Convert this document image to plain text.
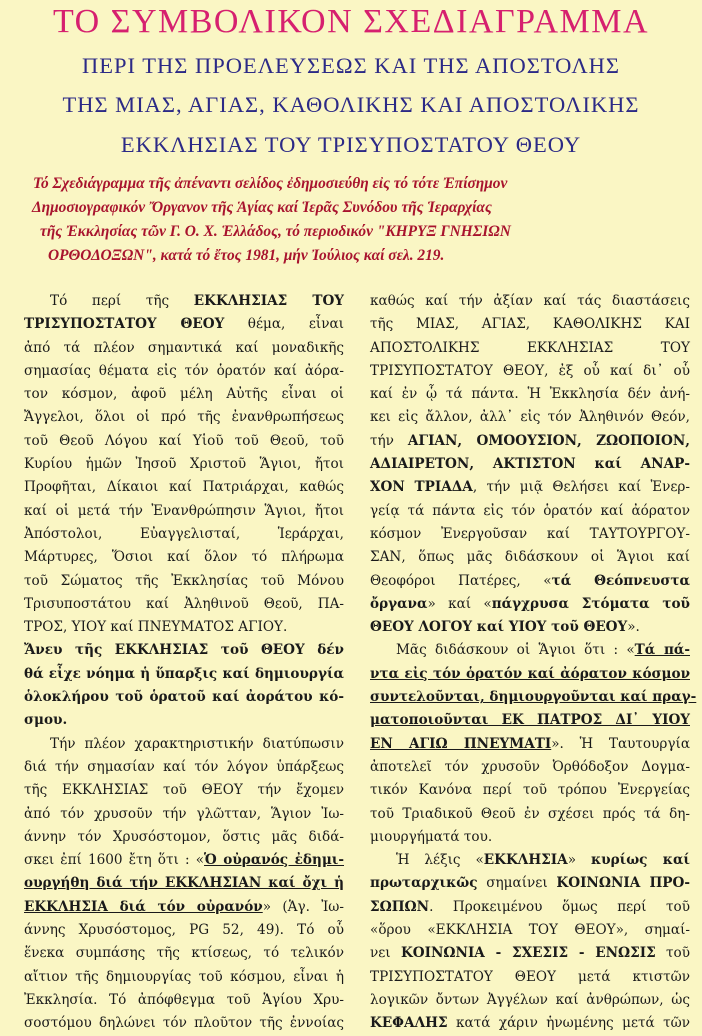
ΤΟ ΣΥΜΒΟΛΙΚΟΝ ΣΧΕΔΙΑΓΡΑΜΜΑ
ΠΕΡΙ ΤΗΣ ΠΡΟΕΛΕΥΣΕΩΣ ΚΑΙ ΤΗΣ ΑΠΟΣΤΟΛΗΣ
ΤΗΣ ΜΙΑΣ, ΑΓΙΑΣ, ΚΑΘΟΛΙΚΗΣ ΚΑΙ ΑΠΟΣΤΟΛΙΚΗΣ
ΕΚΚΛΗΣΙΑΣ ΤΟΥ ΤΡΙΣΥΠΟΣΤΑΤΟΥ ΘΕΟΥ
Τό Σχεδιάγραμμα τῆς ἀπέναντι σελίδος ἐδημοσιεύθη εἰς τό τότε Ἐπίσημον
Δημοσιογραφικόν Ὄργανον τῆς Ἁγίας καί Ἱερᾶς Συνόδου τῆς Ἱεραρχίας
τῆς Ἐκκλησίας τῶν Γ. Ο. Χ. Ἑλλάδος, τό περιοδικόν "ΚΗΡΥΞ ΓΝΗΣΙΩΝ
ΟΡΘΟΔΟΞΩΝ", κατά τό ἔτος 1981, μήν Ἰούλιος καί σελ. 219.
Τό περί τῆς ΕΚΚΛΗΣΙΑΣ ΤΟΥ
ΤΡΙΣΥΠΟΣΤΑΤΟΥ ΘΕΟΥ θέμα, εἶναι
ἀπό τά πλέον σημαντικά καί μοναδικῆς
σημασίας θέματα εἰς τόν ὁρατόν καί ἀόρα-
τον κόσμον, ἀφοῦ μέλη Αὐτῆς εἶναι οἱ
Ἄγγελοι, ὅλοι οἱ πρό τῆς ἐνανθρωπήσεως
τοῦ Θεοῦ Λόγου καί Υἱοῦ τοῦ Θεοῦ, τοῦ
Κυρίου ἡμῶν Ἰησοῦ Χριστοῦ Ἅγιοι, ἤτοι
Προφῆται, Δίκαιοι καί Πατριάρχαι, καθώς
καί οἱ μετά τήν Ἐνανθρώπησιν Ἅγιοι, ἤτοι
Ἀπόστολοι, Εὐαγγελισταί, Ἱεράρχαι,
Μάρτυρες, Ὅσιοι καί ὅλον τό πλήρωμα
τοῦ Σώματος τῆς Ἐκκλησίας τοῦ Μόνου
Τρισυποστάτου καί Ἀληθινοῦ Θεοῦ, ΠΑ-
ΤΡΟΣ, ΥΙΟΥ καί ΠΝΕΥΜΑΤΟΣ ΑΓΙΟΥ.
Ἄνευ τῆς ΕΚΚΛΗΣΙΑΣ τοῦ ΘΕΟΥ δέν
θά εἶχε νόημα ἡ ὕπαρξις καί δημιουργία
ὁλοκλήρου τοῦ ὁρατοῦ καί ἀοράτου κό-
σμου.
Τήν πλέον χαρακτηριστικήν διατύπωσιν
διά τήν σημασίαν καί τόν λόγον ὑπάρξεως
τῆς ΕΚΚΛΗΣΙΑΣ τοῦ ΘΕΟΥ τήν ἔχομεν
ἀπό τόν χρυσοῦν τήν γλῶτταν, Ἅγιον Ἰω-
άννην τόν Χρυσόστομον, ὅστις μᾶς διδά-
σκει ἐπί 1600 ἔτη ὅτι : «Ὁ οὐρανός ἐδημι-
ουργήθη διά τήν ΕΚΚΛΗΣΙΑΝ καί ὄχι ἡ
ΕΚΚΛΗΣΙΑ διά τόν οὐρανόν» (Ἁγ. Ἰω-
άννης Χρυσόστομος, PG 52, 49). Τό οὗ
ἕνεκα συμπάσης τῆς κτίσεως, τό τελικόν
αἴτιον τῆς δημιουργίας τοῦ κόσμου, εἶναι ἡ
Ἐκκλησία. Τό ἀπόφθεγμα τοῦ Ἁγίου Χρυ-
σοστόμου δηλώνει τόν πλοῦτον τῆς ἐννοίας
καθώς καί τήν ἀξίαν καί τάς διαστάσεις
τῆς ΜΙΑΣ, ΑΓΙΑΣ, ΚΑΘΟΛΙΚΗΣ ΚΑΙ
ΑΠΟΣΤΟΛΙΚΗΣ ΕΚΚΛΗΣΙΑΣ ΤΟΥ
ΤΡΙΣΥΠΟΣΤΑΤΟΥ ΘΕΟΥ, ἐξ οὗ καί δι᾽ οὗ
καί ἐν ᾧ τά πάντα. Ἡ Ἐκκλησία δέν ἀνή-
κει εἰς ἄλλον, ἀλλ᾽ εἰς τόν Ἀληθινόν Θεόν,
τήν ΑΓΙΑΝ, ΟΜΟΟΥΣΙΟΝ, ΖΩΟΠΟΙΟΝ,
ΑΔΙΑΙΡΕΤΟΝ, ΑΚΤΙΣΤΟΝ καί ΑΝΑΡ-
ΧΟΝ ΤΡΙΑΔΑ, τήν μιᾷ Θελήσει καί Ἐνερ-
γείᾳ τά πάντα εἰς τόν ὁρατόν καί ἀόρατον
κόσμον Ἐνεργοῦσαν καί ΤΑΥΤΟΥΡΓΟΥ-
ΣΑΝ, ὅπως μᾶς διδάσκουν οἱ Ἅγιοι καί
Θεοφόροι Πατέρες, «τά Θεόπνευστα
ὄργανα» καί «πάγχρυσα Στόματα τοῦ
ΘΕΟΥ ΛΟΓΟΥ καί ΥΙΟΥ τοῦ ΘΕΟΥ».
Μᾶς διδάσκουν οἱ Ἅγιοι ὅτι : «Τά πά-
ντα εἰς τόν ὁρατόν καί ἀόρατον κόσμον
συντελοῦνται, δημιουργοῦνται καί πραγ-
ματοποιοῦνται ΕΚ ΠΑΤΡΟΣ ΔΙ᾽ ΥΙΟΥ
ΕΝ ΑΓΙΩ ΠΝΕΥΜΑΤΙ». Ἡ Ταυτουργία
ἀποτελεῖ τόν χρυσοῦν Ὀρθόδοξον Δογμα-
τικόν Κανόνα περί τοῦ τρόπου Ἐνεργείας
τοῦ Τριαδικοῦ Θεοῦ ἐν σχέσει πρός τά δη-
μιουργήματά του.
Ἡ λέξις «ΕΚΚΛΗΣΙΑ» κυρίως καί
πρωταρχικῶς σημαίνει ΚΟΙΝΩΝΙΑ ΠΡΟ-
ΣΩΠΩΝ. Προκειμένου ὅμως περί τοῦ
«ὅρου «ΕΚΚΛΗΣΙΑ ΤΟΥ ΘΕΟΥ», σημαί-
νει ΚΟΙΝΩΝΙΑ - ΣΧΕΣΙΣ - ΕΝΩΣΙΣ τοῦ
ΤΡΙΣΥΠΟΣΤΑΤΟΥ ΘΕΟΥ μετά κτιστῶν
λογικῶν ὄντων Ἀγγέλων καί ἀνθρώπων, ὡς
ΚΕΦΑΛΗΣ κατά χάριν ἡνωμένης μετά τῶν
